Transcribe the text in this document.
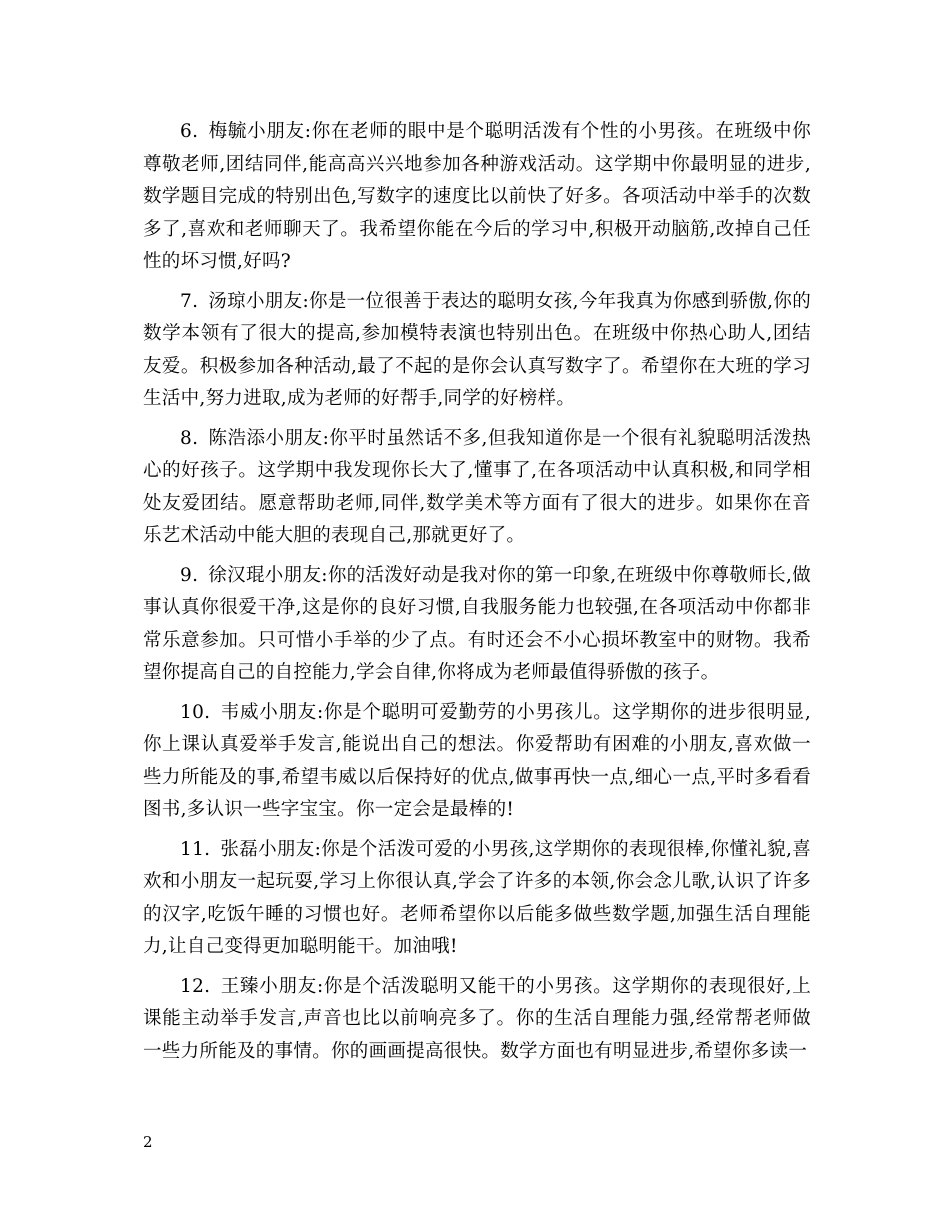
6. 梅毓小朋友:你在老师的眼中是个聪明活泼有个性的小男孩。在班级中你尊敬老师,团结同伴,能高高兴兴地参加各种游戏活动。这学期中你最明显的进步,数学题目完成的特别出色,写数字的速度比以前快了好多。各项活动中举手的次数多了,喜欢和老师聊天了。我希望你能在今后的学习中,积极开动脑筋,改掉自己任性的坏习惯,好吗?

7. 汤琼小朋友:你是一位很善于表达的聪明女孩,今年我真为你感到骄傲,你的数学本领有了很大的提高,参加模特表演也特别出色。在班级中你热心助人,团结友爱。积极参加各种活动,最了不起的是你会认真写数字了。希望你在大班的学习生活中,努力进取,成为老师的好帮手,同学的好榜样。

8. 陈浩添小朋友:你平时虽然话不多,但我知道你是一个很有礼貌聪明活泼热心的好孩子。这学期中我发现你长大了,懂事了,在各项活动中认真积极,和同学相处友爱团结。愿意帮助老师,同伴,数学美术等方面有了很大的进步。如果你在音乐艺术活动中能大胆的表现自己,那就更好了。

9. 徐汉琨小朋友:你的活泼好动是我对你的第一印象,在班级中你尊敬师长,做事认真你很爱干净,这是你的良好习惯,自我服务能力也较强,在各项活动中你都非常乐意参加。只可惜小手举的少了点。有时还会不小心损坏教室中的财物。我希望你提高自己的自控能力,学会自律,你将成为老师最值得骄傲的孩子。

10. 韦威小朋友:你是个聪明可爱勤劳的小男孩儿。这学期你的进步很明显,你上课认真爱举手发言,能说出自己的想法。你爱帮助有困难的小朋友,喜欢做一些力所能及的事,希望韦威以后保持好的优点,做事再快一点,细心一点,平时多看看图书,多认识一些字宝宝。你一定会是最棒的!

11. 张磊小朋友:你是个活泼可爱的小男孩,这学期你的表现很棒,你懂礼貌,喜欢和小朋友一起玩耍,学习上你很认真,学会了许多的本领,你会念儿歌,认识了许多的汉字,吃饭午睡的习惯也好。老师希望你以后能多做些数学题,加强生活自理能力,让自己变得更加聪明能干。加油哦!

12. 王臻小朋友:你是个活泼聪明又能干的小男孩。这学期你的表现很好,上课能主动举手发言,声音也比以前响亮多了。你的生活自理能力强,经常帮老师做一些力所能及的事情。你的画画提高很快。数学方面也有明显进步,希望你多读一

2
